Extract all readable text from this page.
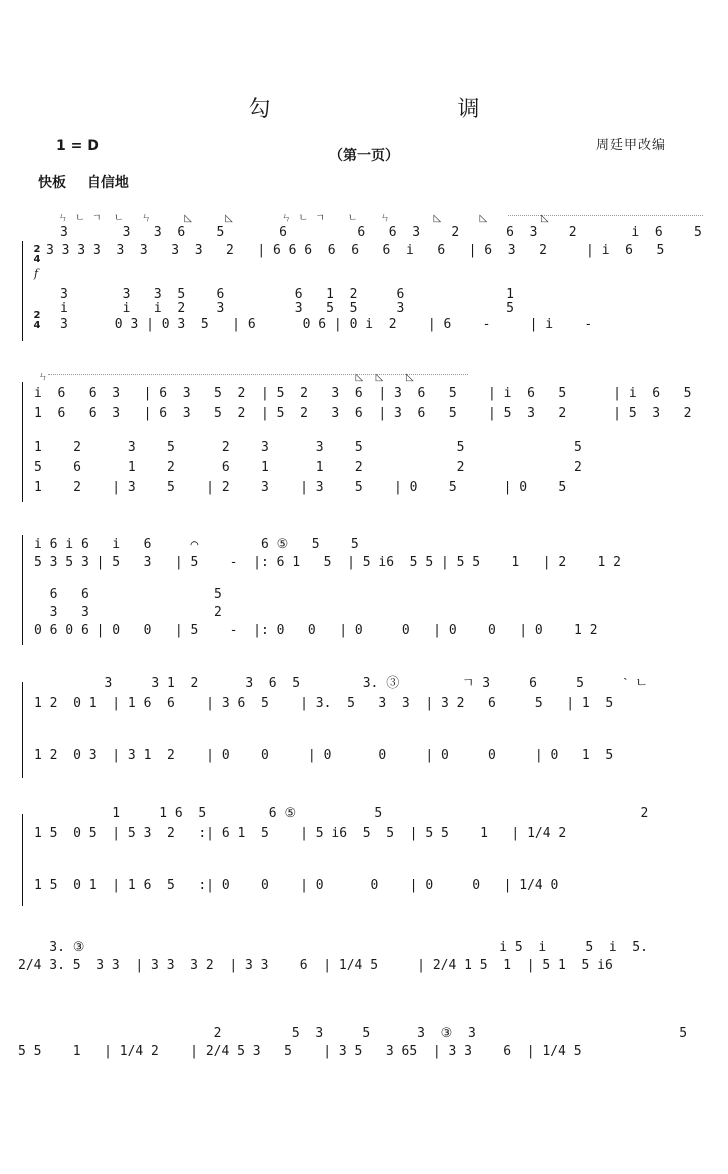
勾 调
1 = D
（第一页）
周廷甲改编
快板 自信地
ㄣ ㄴ ㄱ  ㄴ   ㄣ      ◺      ◺         ㄣ ㄴ ㄱ    ㄴ    ㄣ        ◺       ◺          ◺
2
4
2
4

3       3   3  6    5       6         6   6  3    2      6  3    2       i  6    5

3 3 3 3  3  3   3  3   2   | 6 6 6  6  6   6  i   6   | 6  3   2     | i  6   5

f

3       3   3  5    6         6   1  2     6             1

i       i   i  2    3         3   5  5     3             5

3      0 3 | 0 3  5   | 6      0 6 | 0 i  2    | 6    -     | i    -

ㄣ                                                           ◺  ◺    ◺

i  6   6  3   | 6  3   5  2  | 5  2   3  6  | 3  6   5    | i  6   5      | i  6   5

1  6   6  3   | 6  3   5  2  | 5  2   3  6  | 3  6   5    | 5  3   2      | 5  3   2

1    2      3    5      2    3      3    5            5              5

5    6      1    2      6    1      1    2            2              2

1    2    | 3    5    | 2    3    | 3    5    | 0    5      | 0    5

i 6 i 6   i   6     ⌒        6 ⑤   5    5

5 3 5 3 | 5   3   | 5    -  |: 6 1   5  | 5 i6  5 5 | 5 5    1   | 2    1 2

6   6                5

3   3                2

0 6 0 6 | 0   0   | 5    -  |: 0   0   | 0     0   | 0    0   | 0    1 2

3     3 1  2      3  6  5        3. ③        ㄱ 3     6     5     ˋ ㄴ

1 2  0 1  | 1 6  6    | 3 6  5    | 3.  5   3  3  | 3 2   6     5   | 1  5

1 2  0 3  | 3 1  2    | 0    0     | 0      0     | 0     0     | 0   1  5

1     1 6  5        6 ⑤          5                                 2

1 5  0 5  | 5 3  2   :| 6 1  5    | 5 i6  5  5  | 5 5    1   | 1/4 2

1 5  0 1  | 1 6  5   :| 0    0    | 0      0    | 0     0   | 1/4 0

3. ③                                                     i 5  i     5  i  5.

2/4 3. 5  3 3  | 3 3  3 2  | 3 3    6  | 1/4 5     | 2/4 1 5  1  | 5 1  5 i6

2         5  3     5      3  ③  3                          5

5 5    1   | 1/4 2    | 2/4 5 3   5    | 3 5   3 65  | 3 3    6  | 1/4 5
